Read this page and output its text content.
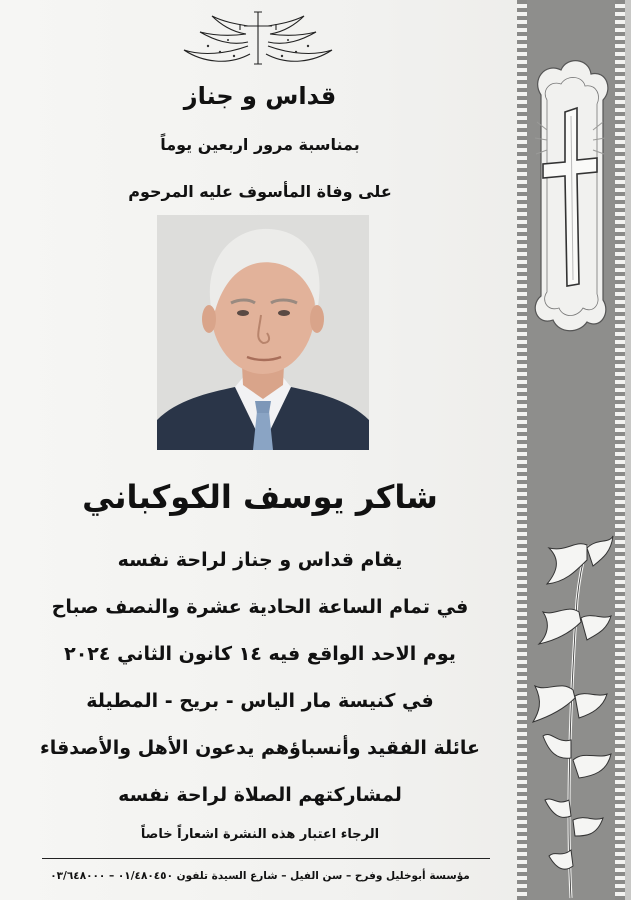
قداس و جناز
بمناسبة مرور اربعين يوماً
على وفاة المأسوف عليه المرحوم
شاكر يوسف الكوكباني
يقام قداس و جناز لراحة نفسه
في تمام الساعة الحادية عشرة والنصف صباح
يوم الاحد الواقع فيه ١٤ كانون الثاني ٢٠٢٤
في كنيسة مار الياس - بريح - المطيلة
عائلة الفقيد وأنسباؤهم يدعون الأهل والأصدقاء
لمشاركتهم الصلاة لراحة نفسه
الرجاء اعتبار هذه النشرة اشعاراً خاصاً
مؤسسة أبوخليل وفرح – سن الفيل – شارع السيدة تلفون ٠١/٤٨٠٤٥٠ – ٠٣/٦٤٨٠٠٠
